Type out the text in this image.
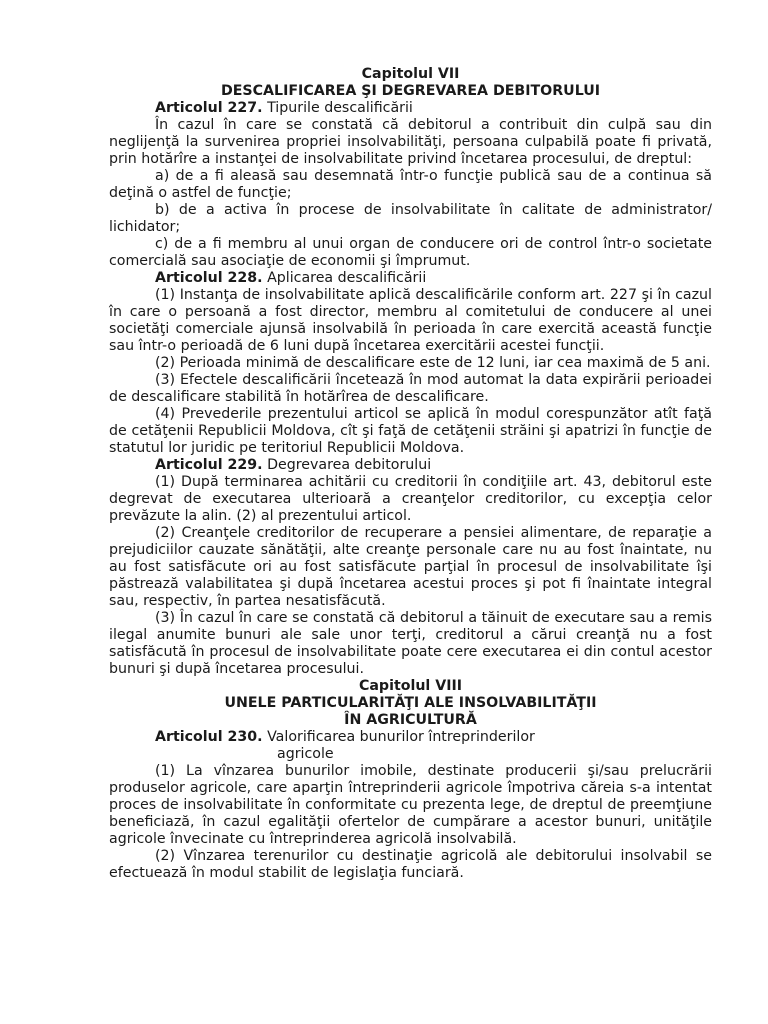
Capitolul VII

DESCALIFICAREA ŞI DEGREVAREA DEBITORULUI

Articolul 227. Tipurile descalificării

În cazul în care se constată că debitorul a contribuit din culpă sau din neglijenţă la survenirea propriei insolvabilităţi, persoana culpabilă poate fi privată, prin hotărîre a instanţei de insolvabilitate privind încetarea procesului, de dreptul:

a) de a fi aleasă sau desemnată într-o funcţie publică sau de a continua să deţină o astfel de funcţie;

b) de a activa în procese de insolvabilitate în calitate de administrator/ lichidator;

c) de a fi membru al unui organ de conducere ori de control într-o societate comercială sau asociaţie de economii şi împrumut.

Articolul 228. Aplicarea descalificării

(1) Instanţa de insolvabilitate aplică descalificările conform art. 227 şi în cazul în care o persoană a fost director, membru al comitetului de conducere al unei societăţi comerciale ajunsă insolvabilă în perioada în care exercită această funcţie sau într-o perioadă de 6 luni după încetarea exercitării acestei funcţii.

(2) Perioada minimă de descalificare este de 12 luni, iar cea maximă de 5 ani.

(3) Efectele descalificării încetează în mod automat la data expirării perioadei de descalificare stabilită în hotărîrea de descalificare.

(4) Prevederile prezentului articol se aplică în modul corespunzător atît faţă de cetăţenii Republicii Moldova, cît şi faţă de cetăţenii străini şi apatrizi în funcţie de statutul lor juridic pe teritoriul Republicii Moldova.

Articolul 229. Degrevarea debitorului

(1) După terminarea achitării cu creditorii în condiţiile art. 43, debitorul este degrevat de executarea ulterioară a creanţelor creditorilor, cu excepţia celor prevăzute la alin. (2) al prezentului articol.

(2) Creanţele creditorilor de recuperare a pensiei alimentare, de reparaţie a prejudiciilor cauzate sănătăţii, alte creanţe personale care nu au fost înaintate, nu au fost satisfăcute ori au fost satisfăcute parţial în procesul de insolvabilitate îşi păstrează valabilitatea şi după încetarea acestui proces şi pot fi înaintate integral sau, respectiv, în partea nesatisfăcută.

(3) În cazul în care se constată că debitorul a tăinuit de executare sau a remis ilegal anumite bunuri ale sale unor terţi, creditorul a cărui creanţă nu a fost satisfăcută în procesul de insolvabilitate poate cere executarea ei din contul acestor bunuri şi după încetarea procesului.

Capitolul VIII

UNELE PARTICULARITĂŢI ALE INSOLVABILITĂŢII

ÎN AGRICULTURĂ

Articolul 230. Valorificarea bunurilor întreprinderilor

agricole

(1) La vînzarea bunurilor imobile, destinate producerii şi/sau prelucrării produselor agricole, care aparţin întreprinderii agricole împotriva căreia s-a intentat proces de insolvabilitate în conformitate cu prezenta lege, de dreptul de preemţiune beneficiază, în cazul egalităţii ofertelor de cumpărare a acestor bunuri, unităţile agricole învecinate cu întreprinderea agricolă insolvabilă.

(2) Vînzarea terenurilor cu destinaţie agricolă ale debitorului insolvabil se efectuează în modul stabilit de legislaţia funciară.
